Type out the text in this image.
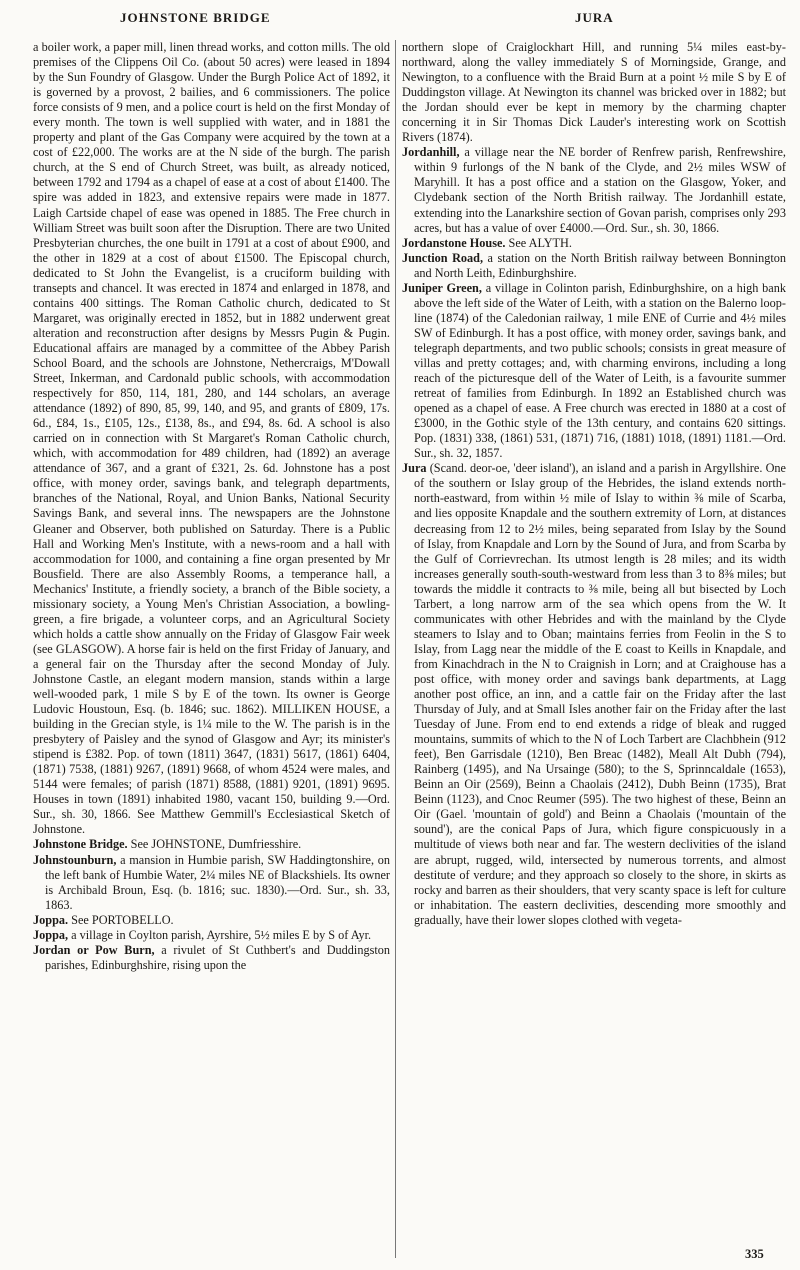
JOHNSTONE BRIDGE	JURA

a boiler work, a paper mill, linen thread works, and cotton mills. The old premises of the Clippens Oil Co. (about 50 acres) were leased in 1894 by the Sun Foundry of Glasgow. Under the Burgh Police Act of 1892, it is governed by a provost, 2 bailies, and 6 commissioners. The police force consists of 9 men, and a police court is held on the first Monday of every month. The town is well supplied with water, and in 1881 the property and plant of the Gas Company were acquired by the town at a cost of £22,000. The works are at the N side of the burgh. The parish church, at the S end of Church Street, was built, as already noticed, between 1792 and 1794 as a chapel of ease at a cost of about £1400. The spire was added in 1823, and extensive repairs were made in 1877. Laigh Cartside chapel of ease was opened in 1885. The Free church in William Street was built soon after the Disruption. There are two United Presbyterian churches, the one built in 1791 at a cost of about £900, and the other in 1829 at a cost of about £1500. The Episcopal church, dedicated to St John the Evangelist, is a cruciform building with transepts and chancel. It was erected in 1874 and enlarged in 1878, and contains 400 sittings. The Roman Catholic church, dedicated to St Margaret, was originally erected in 1852, but in 1882 underwent great alteration and reconstruction after designs by Messrs Pugin & Pugin. Educational affairs are managed by a committee of the Abbey Parish School Board, and the schools are Johnstone, Nethercraigs, M'Dowall Street, Inkerman, and Cardonald public schools, with accommodation respectively for 850, 114, 181, 280, and 144 scholars, an average attendance (1892) of 890, 85, 99, 140, and 95, and grants of £809, 17s. 6d., £84, 1s., £105, 12s., £138, 8s., and £94, 8s. 6d. A school is also carried on in connection with St Margaret's Roman Catholic church, which, with accommodation for 489 children, had (1892) an average attendance of 367, and a grant of £321, 2s. 6d. Johnstone has a post office, with money order, savings bank, and telegraph departments, branches of the National, Royal, and Union Banks, National Security Savings Bank, and several inns. The newspapers are the Johnstone Gleaner and Observer, both published on Saturday. There is a Public Hall and Working Men's Institute, with a news-room and a hall with accommodation for 1000, and containing a fine organ presented by Mr Bousfield. There are also Assembly Rooms, a temperance hall, a Mechanics' Institute, a friendly society, a branch of the Bible society, a missionary society, a Young Men's Christian Association, a bowling-green, a fire brigade, a volunteer corps, and an Agricultural Society which holds a cattle show annually on the Friday of Glasgow Fair week (see GLASGOW). A horse fair is held on the first Friday of January, and a general fair on the Thursday after the second Monday of July. Johnstone Castle, an elegant modern mansion, stands within a large well-wooded park, 1 mile S by E of the town. Its owner is George Ludovic Houstoun, Esq. (b. 1846; suc. 1862). MILLIKEN HOUSE, a building in the Grecian style, is 1¼ mile to the W. The parish is in the presbytery of Paisley and the synod of Glasgow and Ayr; its minister's stipend is £382. Pop. of town (1811) 3647, (1831) 5617, (1861) 6404, (1871) 7538, (1881) 9267, (1891) 9668, of whom 4524 were males, and 5144 were females; of parish (1871) 8588, (1881) 9201, (1891) 9695. Houses in town (1891) inhabited 1980, vacant 150, building 9.—Ord. Sur., sh. 30, 1866. See Matthew Gemmill's Ecclesiastical Sketch of Johnstone.

Johnstone Bridge. See JOHNSTONE, Dumfriesshire.

Johnstounburn, a mansion in Humbie parish, SW Haddingtonshire, on the left bank of Humbie Water, 2¼ miles NE of Blackshiels. Its owner is Archibald Broun, Esq. (b. 1816; suc. 1830).—Ord. Sur., sh. 33, 1863.

Joppa. See PORTOBELLO.

Joppa, a village in Coylton parish, Ayrshire, 5½ miles E by S of Ayr.

Jordan or Pow Burn, a rivulet of St Cuthbert's and Duddingston parishes, Edinburghshire, rising upon the

northern slope of Craiglockhart Hill, and running 5¼ miles east-by-northward, along the valley immediately S of Morningside, Grange, and Newington, to a confluence with the Braid Burn at a point ½ mile S by E of Duddingston village. At Newington its channel was bricked over in 1882; but the Jordan should ever be kept in memory by the charming chapter concerning it in Sir Thomas Dick Lauder's interesting work on Scottish Rivers (1874).

Jordanhill, a village near the NE border of Renfrew parish, Renfrewshire, within 9 furlongs of the N bank of the Clyde, and 2½ miles WSW of Maryhill. It has a post office and a station on the Glasgow, Yoker, and Clydebank section of the North British railway. The Jordanhill estate, extending into the Lanarkshire section of Govan parish, comprises only 293 acres, but has a value of over £4000.—Ord. Sur., sh. 30, 1866.

Jordanstone House. See ALYTH.

Junction Road, a station on the North British railway between Bonnington and North Leith, Edinburghshire.

Juniper Green, a village in Colinton parish, Edinburghshire, on a high bank above the left side of the Water of Leith, with a station on the Balerno loop-line (1874) of the Caledonian railway, 1 mile ENE of Currie and 4½ miles SW of Edinburgh. It has a post office, with money order, savings bank, and telegraph departments, and two public schools; consists in great measure of villas and pretty cottages; and, with charming environs, including a long reach of the picturesque dell of the Water of Leith, is a favourite summer retreat of families from Edinburgh. In 1892 an Established church was opened as a chapel of ease. A Free church was erected in 1880 at a cost of £3000, in the Gothic style of the 13th century, and contains 620 sittings. Pop. (1831) 338, (1861) 531, (1871) 716, (1881) 1018, (1891) 1181.—Ord. Sur., sh. 32, 1857.

Jura (Scand. deor-oe, 'deer island'), an island and a parish in Argyllshire. One of the southern or Islay group of the Hebrides, the island extends north-north-eastward, from within ½ mile of Islay to within ⅜ mile of Scarba, and lies opposite Knapdale and the southern extremity of Lorn, at distances decreasing from 12 to 2½ miles, being separated from Islay by the Sound of Islay, from Knapdale and Lorn by the Sound of Jura, and from Scarba by the Gulf of Corrievrechan. Its utmost length is 28 miles; and its width increases generally south-south-westward from less than 3 to 8⅜ miles; but towards the middle it contracts to ⅜ mile, being all but bisected by Loch Tarbert, a long narrow arm of the sea which opens from the W. It communicates with other Hebrides and with the mainland by the Clyde steamers to Islay and to Oban; maintains ferries from Feolin in the S to Islay, from Lagg near the middle of the E coast to Keills in Knapdale, and from Kinachdrach in the N to Craignish in Lorn; and at Craighouse has a post office, with money order and savings bank departments, at Lagg another post office, an inn, and a cattle fair on the Friday after the last Thursday of July, and at Small Isles another fair on the Friday after the last Tuesday of June. From end to end extends a ridge of bleak and rugged mountains, summits of which to the N of Loch Tarbert are Clachbhein (912 feet), Ben Garrisdale (1210), Ben Breac (1482), Meall Alt Dubh (794), Rainberg (1495), and Na Ursainge (580); to the S, Sprinncaldale (1653), Beinn an Oir (2569), Beinn a Chaolais (2412), Dubh Beinn (1735), Brat Beinn (1123), and Cnoc Reumer (595). The two highest of these, Beinn an Oir (Gael. 'mountain of gold') and Beinn a Chaolais ('mountain of the sound'), are the conical Paps of Jura, which figure conspicuously in a multitude of views both near and far. The western declivities of the island are abrupt, rugged, wild, intersected by numerous torrents, and almost destitute of verdure; and they approach so closely to the shore, in skirts as rocky and barren as their shoulders, that very scanty space is left for culture or inhabitation. The eastern declivities, descending more smoothly and gradually, have their lower slopes clothed with vegeta-

335
